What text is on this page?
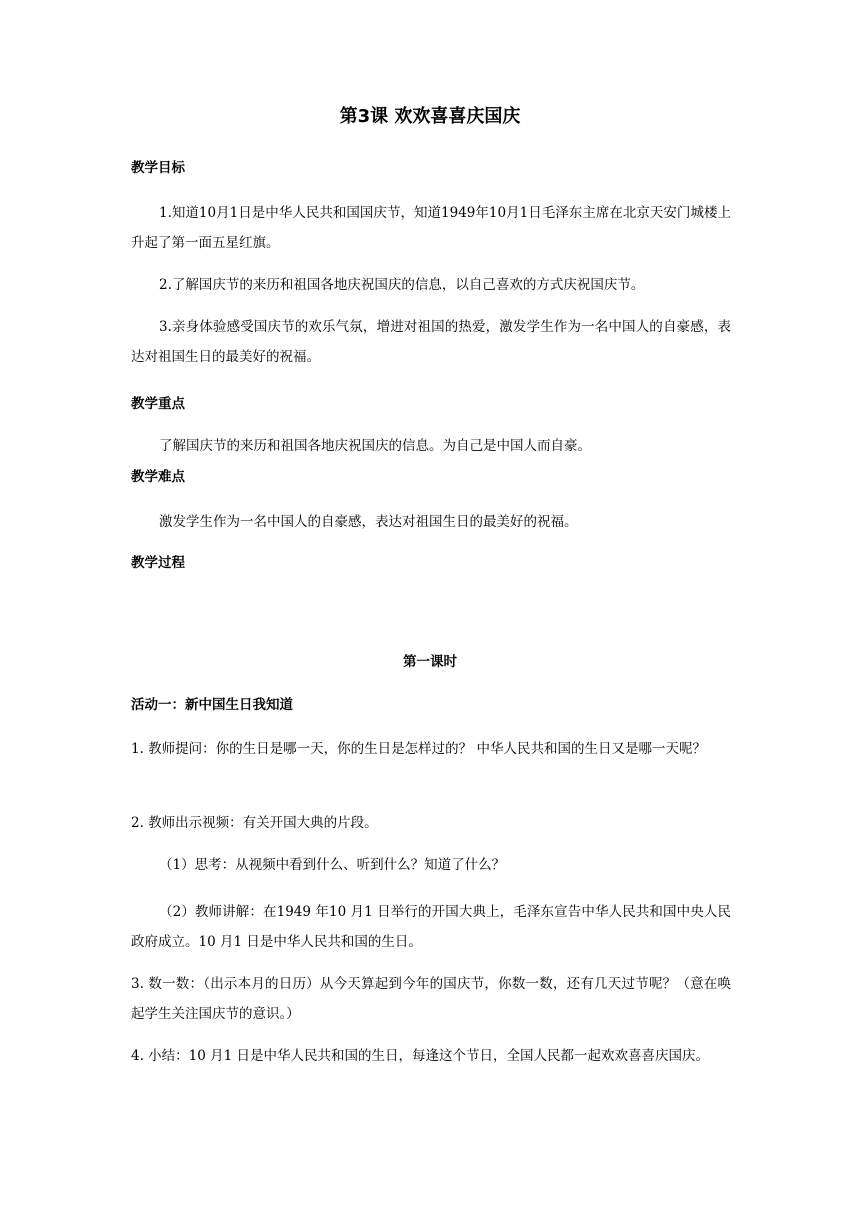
第3课 欢欢喜喜庆国庆
教学目标
1.知道10月1日是中华人民共和国国庆节，知道1949年10月1日毛泽东主席在北京天安门城楼上升起了第一面五星红旗。
2.了解国庆节的来历和祖国各地庆祝国庆的信息，以自己喜欢的方式庆祝国庆节。
3.亲身体验感受国庆节的欢乐气氛，增进对祖国的热爱，激发学生作为一名中国人的自豪感，表达对祖国生日的最美好的祝福。
教学重点
了解国庆节的来历和祖国各地庆祝国庆的信息。为自己是中国人而自豪。
教学难点
激发学生作为一名中国人的自豪感，表达对祖国生日的最美好的祝福。
教学过程
第一课时
活动一：新中国生日我知道
1. 教师提问：你的生日是哪一天，你的生日是怎样过的？ 中华人民共和国的生日又是哪一天呢？
2. 教师出示视频：有关开国大典的片段。
（1）思考：从视频中看到什么、听到什么？知道了什么？
（2）教师讲解：在1949 年10 月1 日举行的开国大典上，毛泽东宣告中华人民共和国中央人民政府成立。10 月1 日是中华人民共和国的生日。
3. 数一数：（出示本月的日历）从今天算起到今年的国庆节，你数一数，还有几天过节呢？（意在唤起学生关注国庆节的意识。）
4. 小结：10 月1 日是中华人民共和国的生日，每逢这个节日，全国人民都一起欢欢喜喜庆国庆。
